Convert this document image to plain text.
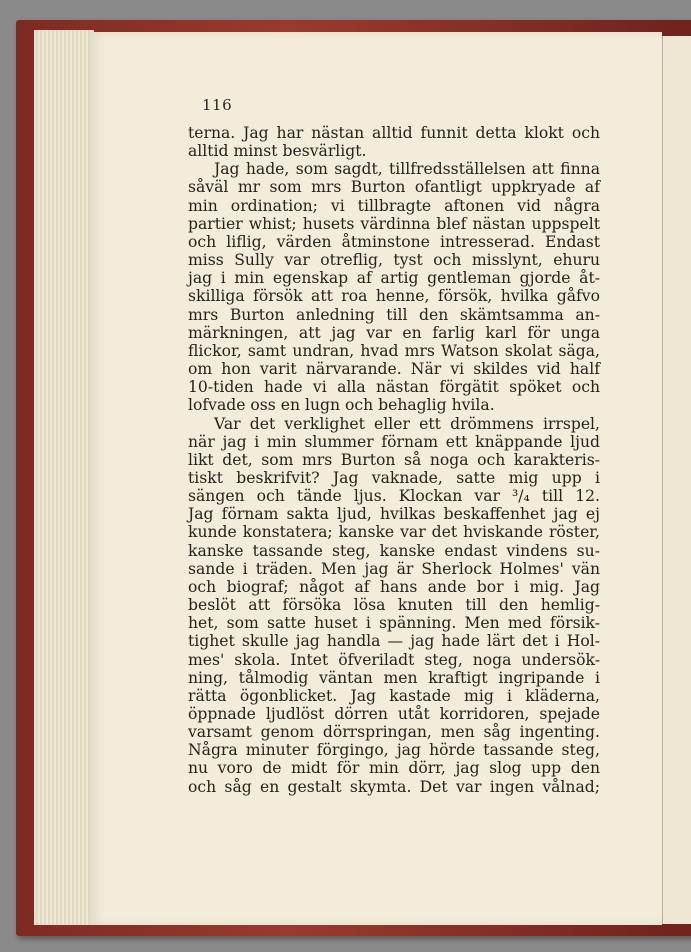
116
terna. Jag har nästan alltid funnit detta klokt och
alltid minst besvärligt.
Jag hade, som sagdt, tillfredsställelsen att finna
såväl mr som mrs Burton ofantligt uppkryade af
min ordination; vi tillbragte aftonen vid några
partier whist; husets värdinna blef nästan uppspelt
och liflig, värden åtminstone intresserad. Endast
miss Sully var otreflig, tyst och misslynt, ehuru
jag i min egenskap af artig gentleman gjorde åt-
skilliga försök att roa henne, försök, hvilka gåfvo
mrs Burton anledning till den skämtsamma an-
märkningen, att jag var en farlig karl för unga
flickor, samt undran, hvad mrs Watson skolat säga,
om hon varit närvarande. När vi skildes vid half
10-tiden hade vi alla nästan förgätit spöket och
lofvade oss en lugn och behaglig hvila.
Var det verklighet eller ett drömmens irrspel,
när jag i min slummer förnam ett knäppande ljud
likt det, som mrs Burton så noga och karakteris-
tiskt beskrifvit? Jag vaknade, satte mig upp i
sängen och tände ljus. Klockan var ³/₄ till 12.
Jag förnam sakta ljud, hvilkas beskaffenhet jag ej
kunde konstatera; kanske var det hviskande röster,
kanske tassande steg, kanske endast vindens su-
sande i träden. Men jag är Sherlock Holmes' vän
och biograf; något af hans ande bor i mig. Jag
beslöt att försöka lösa knuten till den hemlig-
het, som satte huset i spänning. Men med försik-
tighet skulle jag handla — jag hade lärt det i Hol-
mes' skola. Intet öfveriladt steg, noga undersök-
ning, tålmodig väntan men kraftigt ingripande i
rätta ögonblicket. Jag kastade mig i kläderna,
öppnade ljudlöst dörren utåt korridoren, spejade
varsamt genom dörrspringan, men såg ingenting.
Några minuter förgingo, jag hörde tassande steg,
nu voro de midt för min dörr, jag slog upp den
och såg en gestalt skymta. Det var ingen vålnad;
